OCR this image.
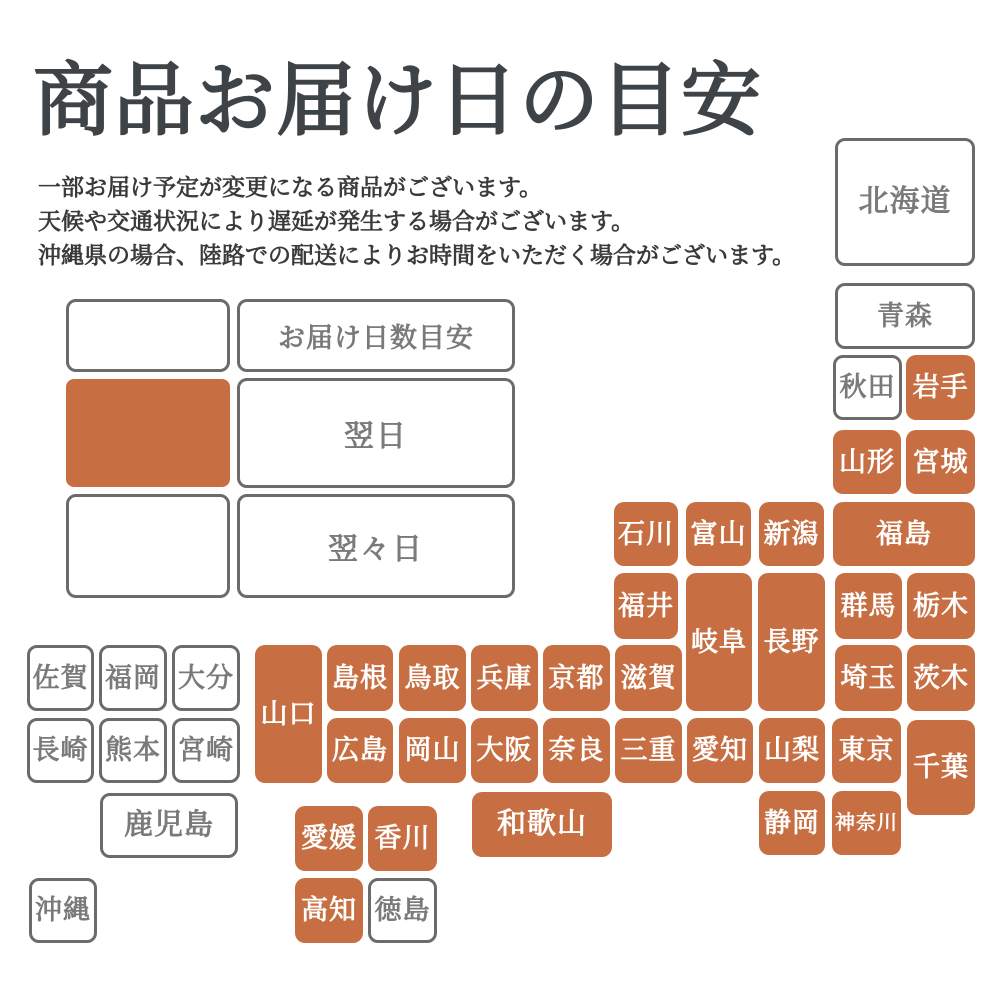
商品お届け日の目安

一部お届け予定が変更になる商品がございます。

天候や交通状況により遅延が発生する場合がございます。

沖縄県の場合、陸路での配送によりお時間をいただく場合がございます。

お届け日数目安
翌日
翌々日
北海道
青森
秋田 岩手
山形 宮城
石川 富山 新潟	福島
福井
岐阜 長野
群馬 栃木
佐賀 福岡 大分
山口
島根 鳥取 兵庫 京都 滋賀	埼玉 茨木
長崎 熊本 宮崎	広島 岡山 大阪 奈良 三重 愛知 山梨 東京
千葉
鹿児島	和歌山	静岡 神奈川
愛媛 香川
沖縄	高知 徳島
